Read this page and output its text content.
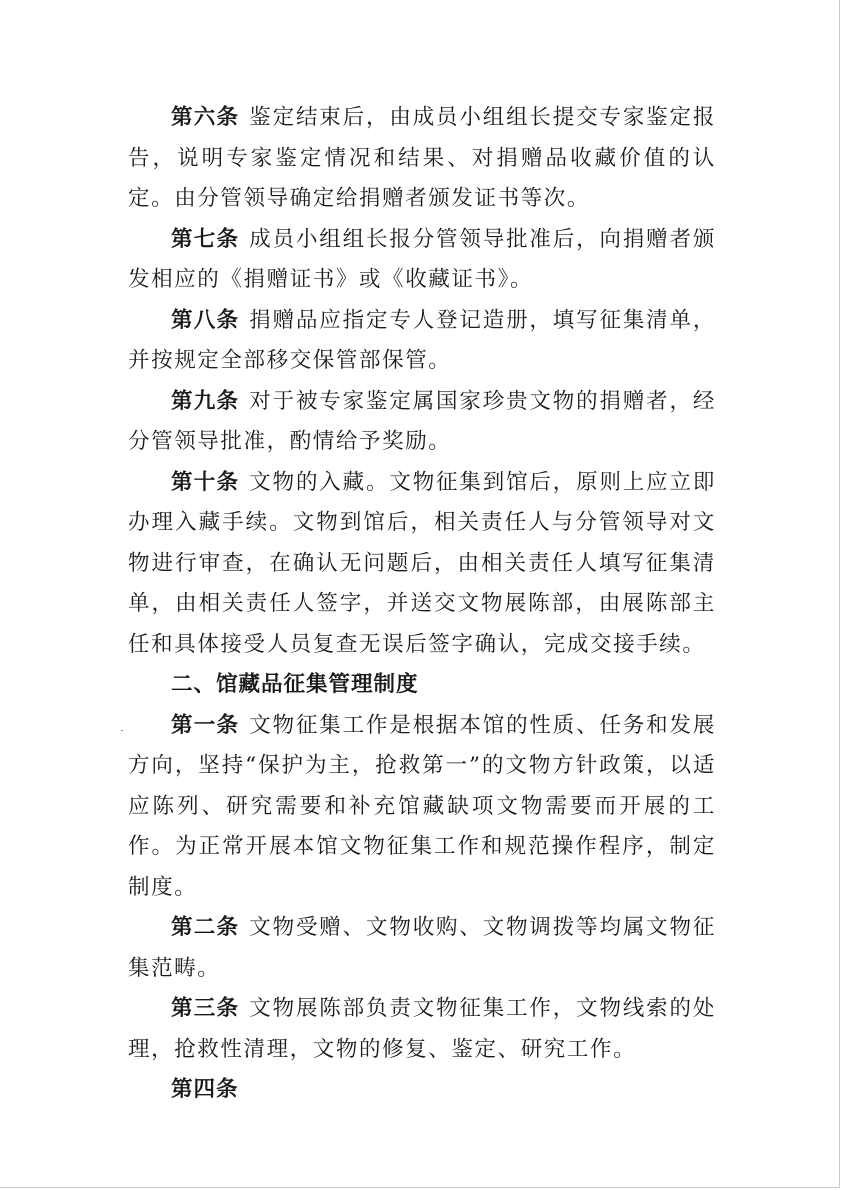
第六条 鉴定结束后，由成员小组组长提交专家鉴定报告，说明专家鉴定情况和结果、对捐赠品收藏价值的认定。由分管领导确定给捐赠者颁发证书等次。

第七条 成员小组组长报分管领导批准后，向捐赠者颁发相应的《捐赠证书》或《收藏证书》。

第八条 捐赠品应指定专人登记造册，填写征集清单，并按规定全部移交保管部保管。

第九条 对于被专家鉴定属国家珍贵文物的捐赠者，经分管领导批准，酌情给予奖励。

第十条 文物的入藏。文物征集到馆后，原则上应立即办理入藏手续。文物到馆后，相关责任人与分管领导对文物进行审查，在确认无问题后，由相关责任人填写征集清单，由相关责任人签字，并送交文物展陈部，由展陈部主任和具体接受人员复查无误后签字确认，完成交接手续。

二、馆藏品征集管理制度

第一条 文物征集工作是根据本馆的性质、任务和发展方向，坚持“保护为主，抢救第一”的文物方针政策，以适应陈列、研究需要和补充馆藏缺项文物需要而开展的工作。为正常开展本馆文物征集工作和规范操作程序，制定制度。

第二条 文物受赠、文物收购、文物调拨等均属文物征集范畴。

第三条 文物展陈部负责文物征集工作，文物线索的处理，抢救性清理，文物的修复、鉴定、研究工作。

第四条
